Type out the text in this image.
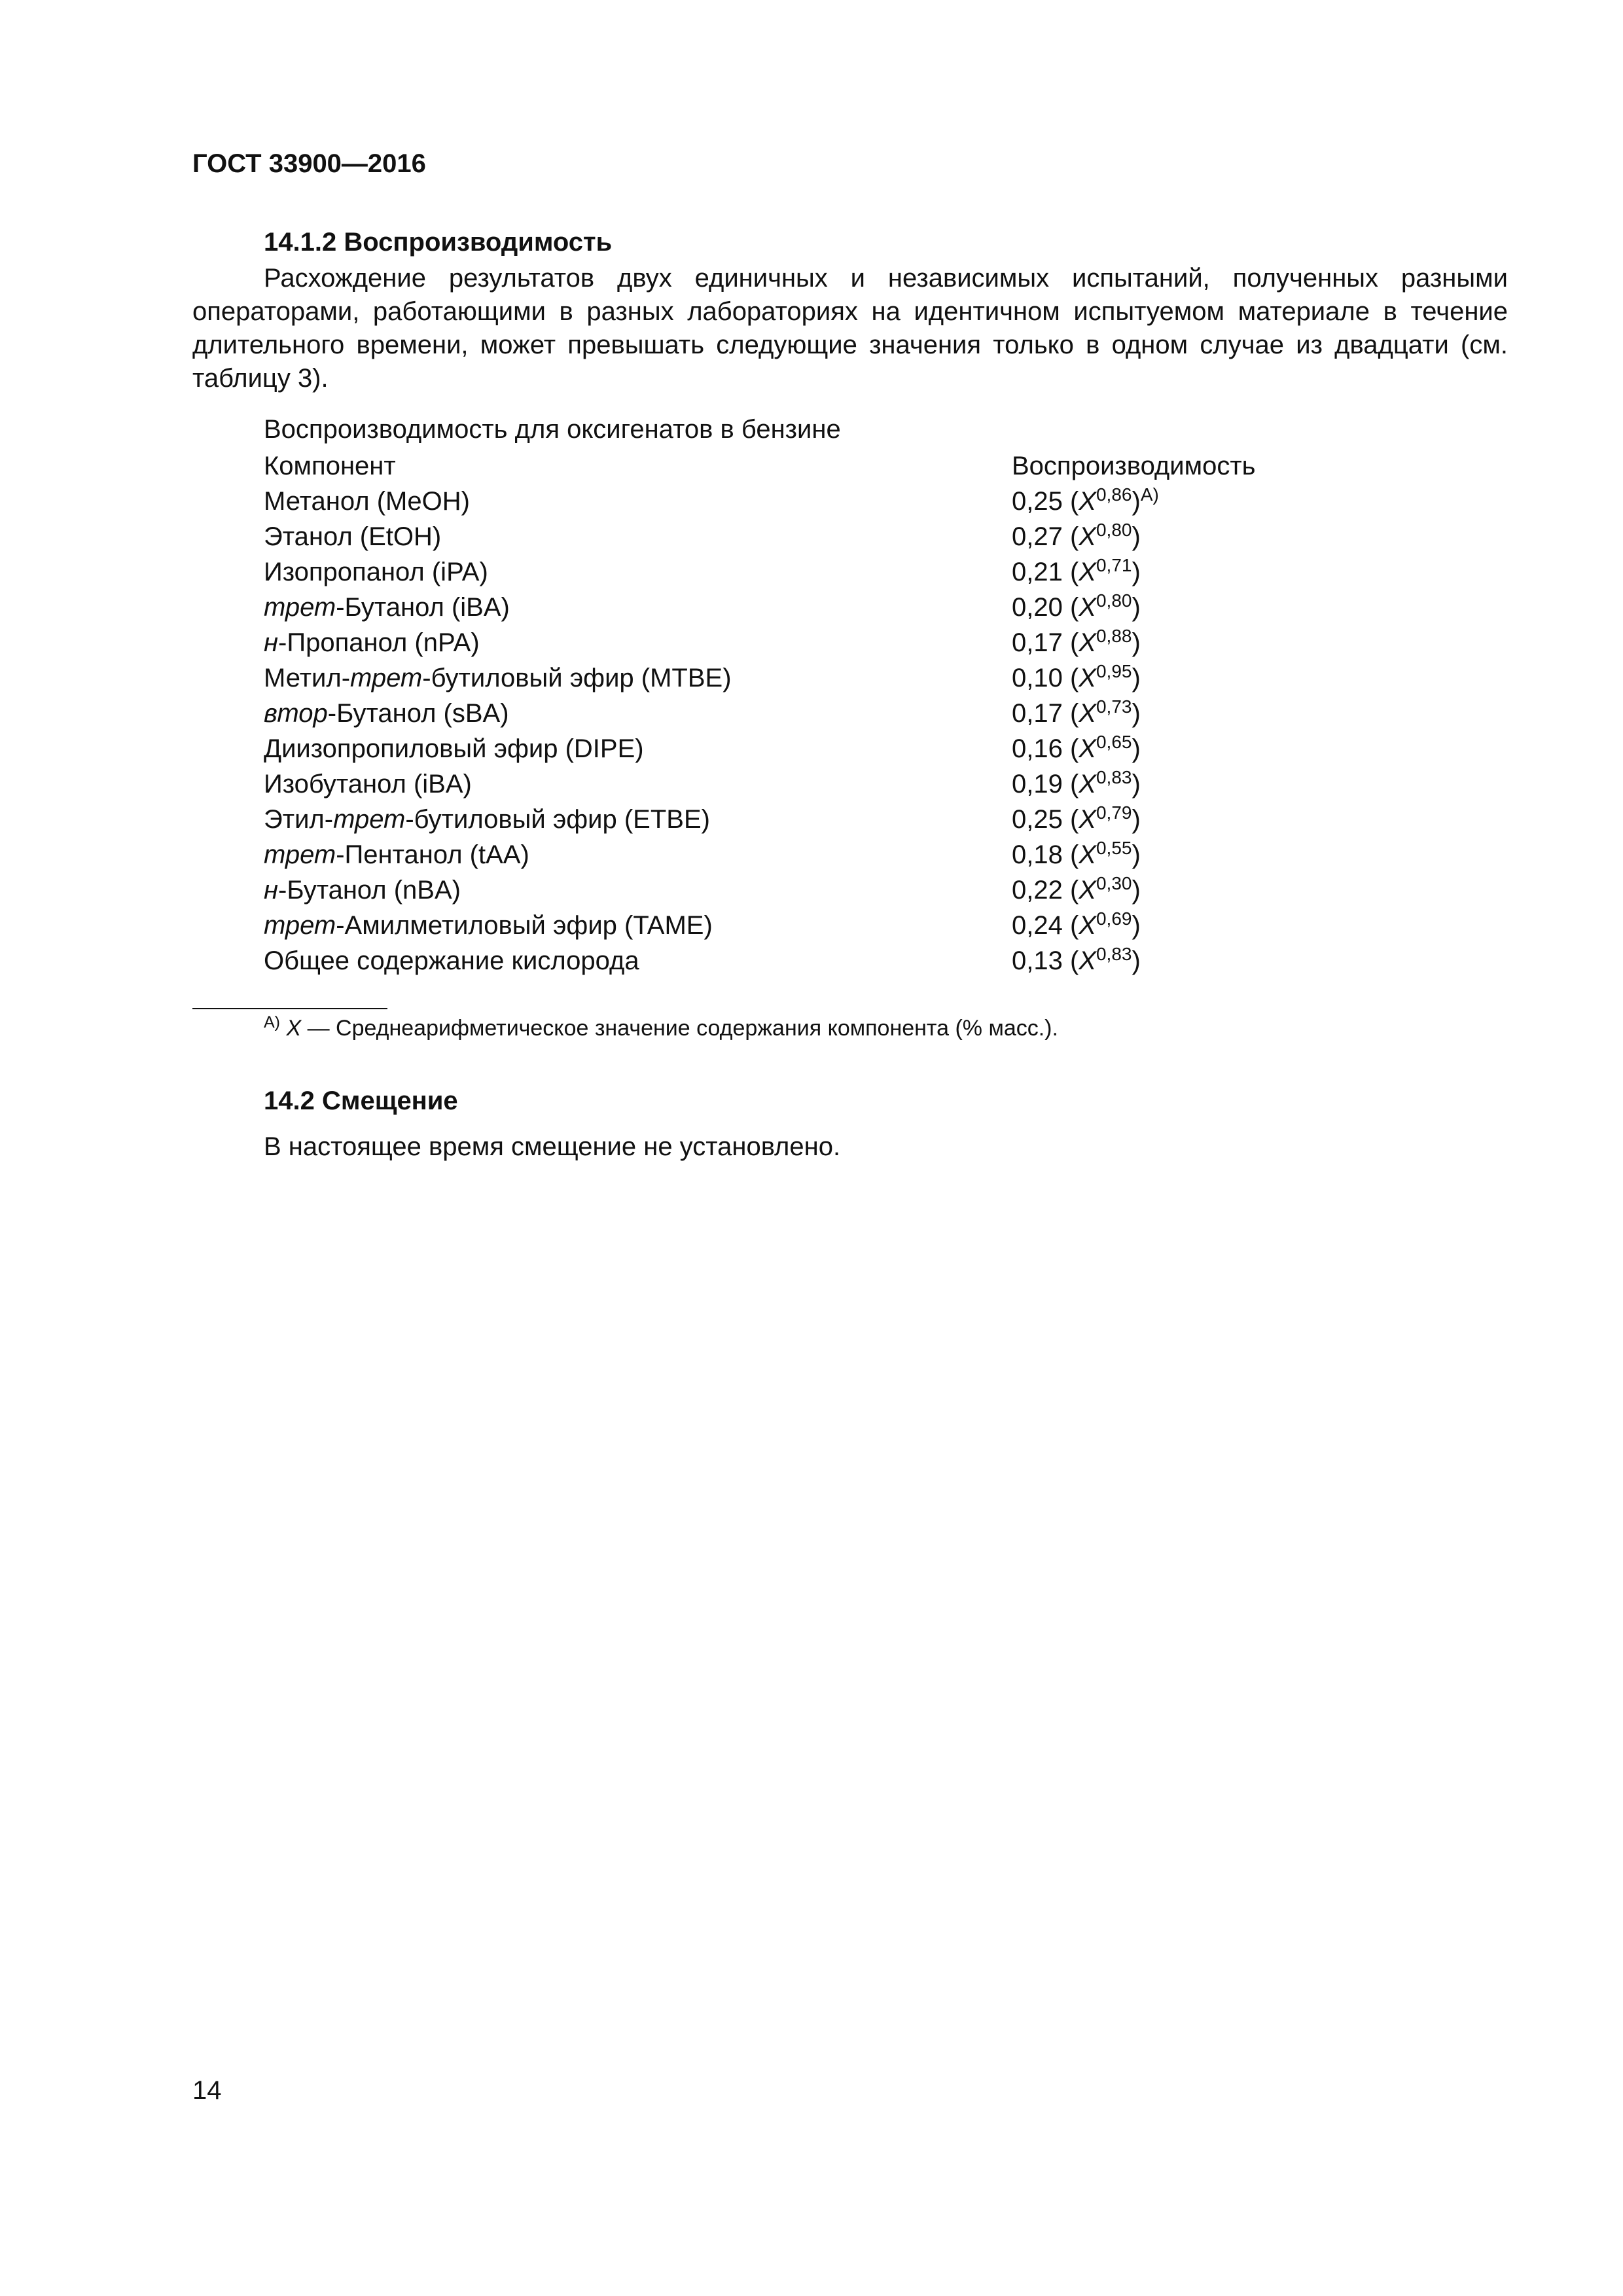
ГОСТ 33900—2016
14.1.2 Воспроизводимость
Расхождение результатов двух единичных и независимых испытаний, полученных разными операторами, работающими в разных лабораториях на идентичном испытуемом материале в течение длительного времени, может превышать следующие значения только в одном случае из двадцати (см. таблицу 3).
Воспроизводимость для оксигенатов в бензине
Компонент	Воспроизводимость
Метанол (MeOH)	0,25 $(X^{0,86})^{A)}$
Этанол (EtOH)	0,27 $(X^{0,80})$
Изопропанол (iPA)	0,21 $(X^{0,71})$
трет-Бутанол (iBA)	0,20 $(X^{0,80})$
н-Пропанол (nPA)	0,17 $(X^{0,88})$
Метил-трет-бутиловый эфир (MTBE)	0,10 $(X^{0,95})$
втор-Бутанол (sBA)	0,17 $(X^{0,73})$
Диизопропиловый эфир (DIPE)	0,16 $(X^{0,65})$
Изобутанол (iBA)	0,19 $(X^{0,83})$
Этил-трет-бутиловый эфир (ETBE)	0,25 $(X^{0,79})$
трет-Пентанол (tAA)	0,18 $(X^{0,55})$
н-Бутанол (nBA)	0,22 $(X^{0,30})$
трет-Амилметиловый эфир (TAME)	0,24 $(X^{0,69})$
Общее содержание кислорода	0,13 $(X^{0,83})$
$^{A)}$ X — Среднеарифметическое значение содержания компонента (% масс.).
14.2 Смещение
В настоящее время смещение не установлено.
14
